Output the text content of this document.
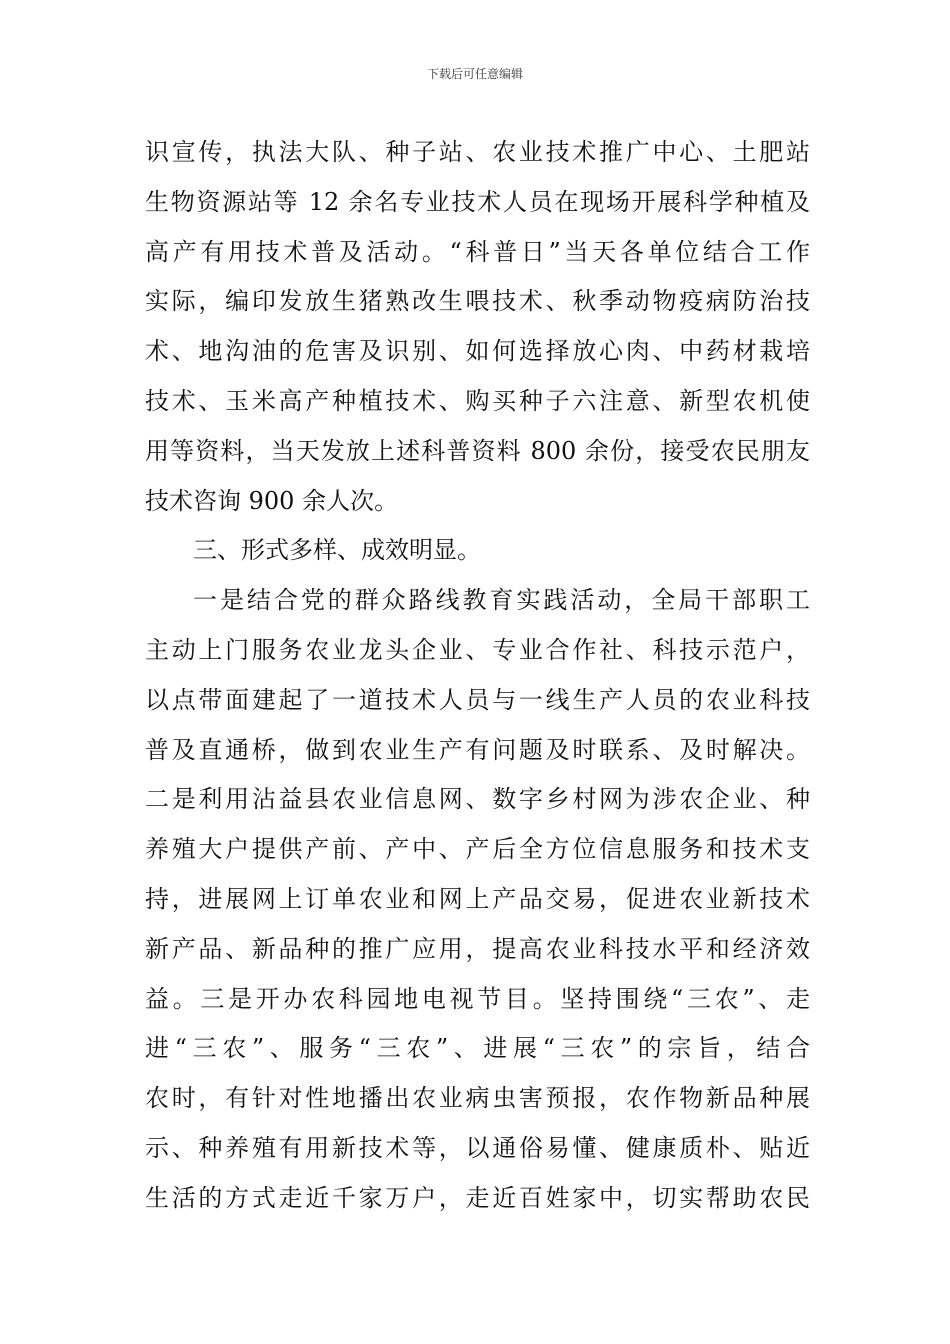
下载后可任意编辑
识宣传，执法大队、种子站、农业技术推广中心、土肥站
生物资源站等 12 余名专业技术人员在现场开展科学种植及
高产有用技术普及活动。“科普日”当天各单位结合工作
实际，编印发放生猪熟改生喂技术、秋季动物疫病防治技
术、地沟油的危害及识别、如何选择放心肉、中药材栽培
技术、玉米高产种植技术、购买种子六注意、新型农机使
用等资料，当天发放上述科普资料 800 余份，接受农民朋友
技术咨询 900 余人次。
三、形式多样、成效明显。
一是结合党的群众路线教育实践活动，全局干部职工
主动上门服务农业龙头企业、专业合作社、科技示范户，
以点带面建起了一道技术人员与一线生产人员的农业科技
普及直通桥，做到农业生产有问题及时联系、及时解决。
二是利用沾益县农业信息网、数字乡村网为涉农企业、种
养殖大户提供产前、产中、产后全方位信息服务和技术支
持，进展网上订单农业和网上产品交易，促进农业新技术
新产品、新品种的推广应用，提高农业科技水平和经济效
益。三是开办农科园地电视节目。坚持围绕“三农”、走
进“三农”、服务“三农”、进展“三农”的宗旨，结合
农时，有针对性地播出农业病虫害预报，农作物新品种展
示、种养殖有用新技术等，以通俗易懂、健康质朴、贴近
生活的方式走近千家万户，走近百姓家中，切实帮助农民
